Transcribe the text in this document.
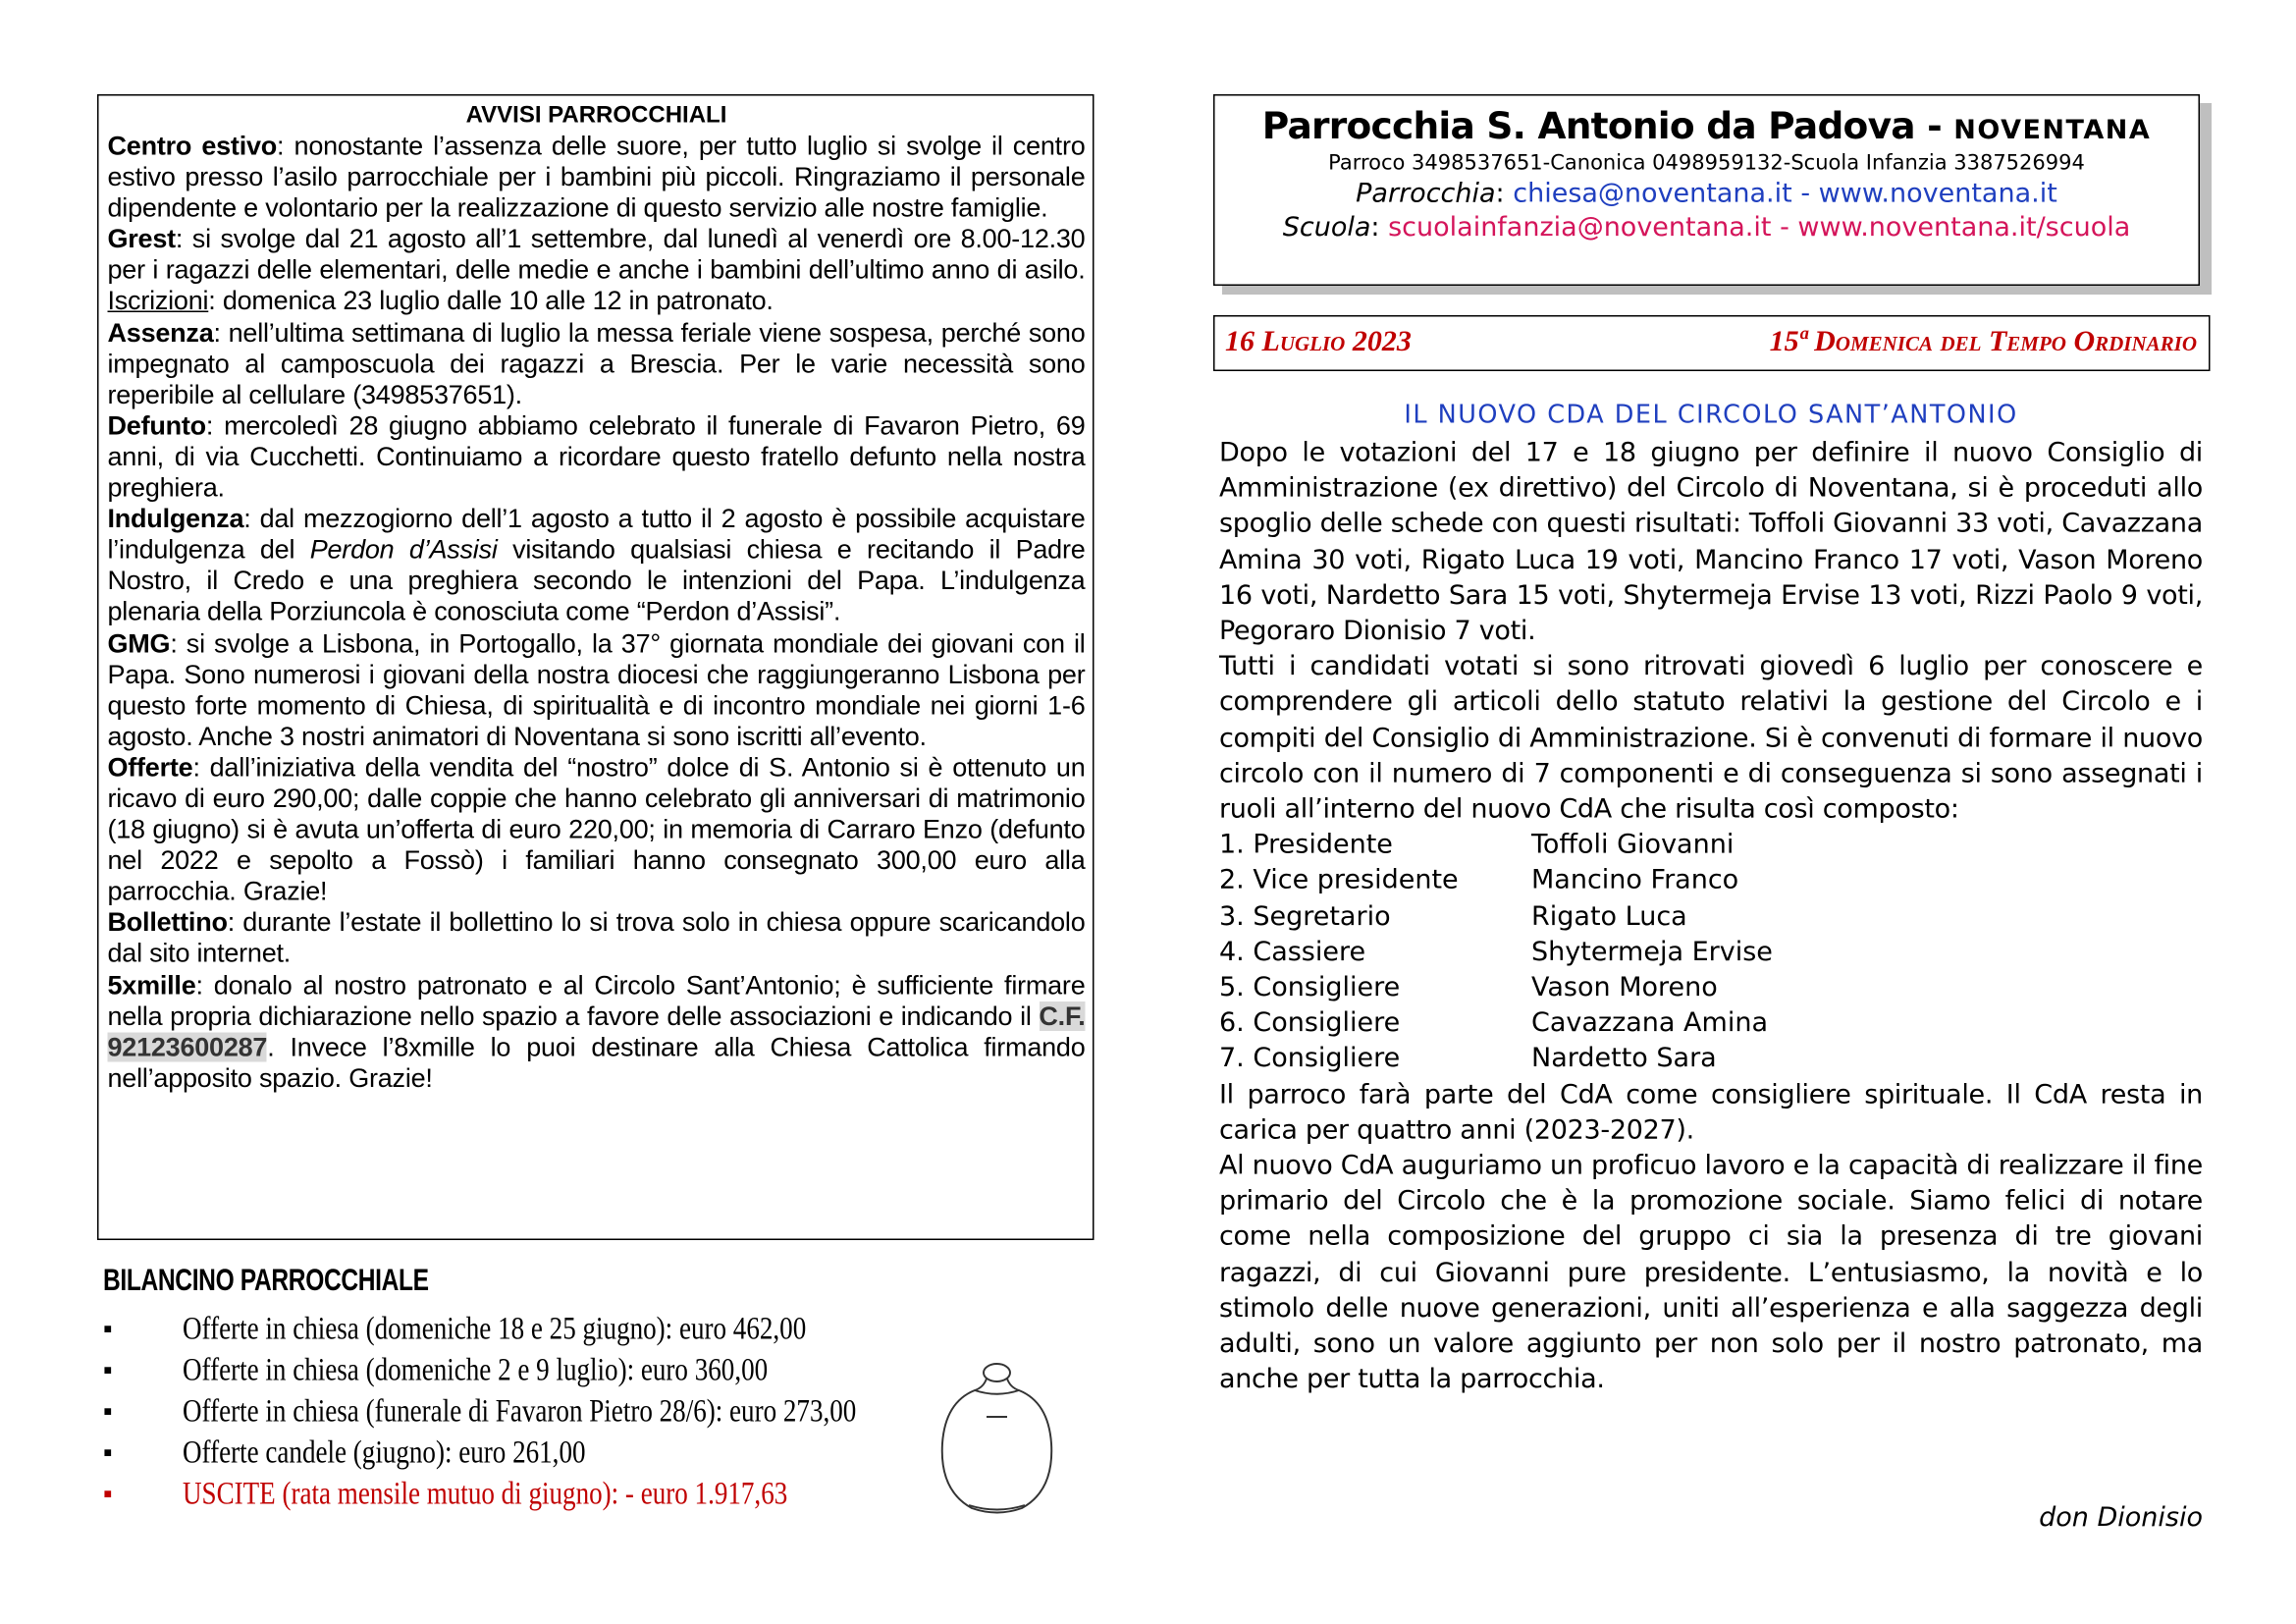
AVVISI PARROCCHIALI

Centro estivo: nonostante l’assenza delle suore, per tutto luglio si svolge il centro estivo presso l’asilo parrocchiale per i bambini più piccoli. Ringraziamo il personale dipendente e volontario per la realizzazione di questo servizio alle nostre famiglie.

Grest: si svolge dal 21 agosto all’1 settembre, dal lunedì al venerdì ore 8.00-12.30 per i ragazzi delle elementari, delle medie e anche i bambini dell’ultimo anno di asilo. Iscrizioni: domenica 23 luglio dalle 10 alle 12 in patronato.

Assenza: nell’ultima settimana di luglio la messa feriale viene sospesa, perché sono impegnato al camposcuola dei ragazzi a Brescia. Per le varie necessità sono reperibile al cellulare (3498537651).

Defunto: mercoledì 28 giugno abbiamo celebrato il funerale di Favaron Pietro, 69 anni, di via Cucchetti. Continuiamo a ricordare questo fratello defunto nella nostra preghiera.

Indulgenza: dal mezzogiorno dell’1 agosto a tutto il 2 agosto è possibile acquistare l’indulgenza del Perdon d’Assisi visitando qualsiasi chiesa e recitando il Padre Nostro, il Credo e una preghiera secondo le intenzioni del Papa. L’indulgenza plenaria della Porziuncola è conosciuta come “Perdon d’Assisi”.

GMG: si svolge a Lisbona, in Portogallo, la 37° giornata mondiale dei giovani con il Papa. Sono numerosi i giovani della nostra diocesi che raggiungeranno Lisbona per questo forte momento di Chiesa, di spiritualità e di incontro mondiale nei giorni 1-6 agosto. Anche 3 nostri animatori di Noventana si sono iscritti all’evento.

Offerte: dall’iniziativa della vendita del “nostro” dolce di S. Antonio si è ottenuto un ricavo di euro 290,00; dalle coppie che hanno celebrato gli anniversari di matrimonio (18 giugno) si è avuta un’offerta di euro 220,00; in memoria di Carraro Enzo (defunto nel 2022 e sepolto a Fossò) i familiari hanno consegnato 300,00 euro alla parrocchia. Grazie!

Bollettino: durante l’estate il bollettino lo si trova solo in chiesa oppure scaricandolo dal sito internet.

5xmille: donalo al nostro patronato e al Circolo Sant’Antonio; è sufficiente firmare nella propria dichiarazione nello spazio a favore delle associazioni e indicando il C.F. 92123600287. Invece l’8xmille lo puoi destinare alla Chiesa Cattolica firmando nell’apposito spazio. Grazie!

BILANCINO PARROCCHIALE
▪	Offerte in chiesa (domeniche 18 e 25 giugno): euro 462,00
▪	Offerte in chiesa (domeniche 2 e 9 luglio): euro 360,00
▪	Offerte in chiesa (funerale di Favaron Pietro 28/6): euro 273,00
▪	Offerte candele (giugno): euro 261,00
▪	USCITE (rata mensile mutuo di giugno): - euro 1.917,63
Parrocchia S. Antonio da Padova - NOVENTANA
Parroco 3498537651-Canonica 0498959132-Scuola Infanzia 3387526994
Parrocchia: chiesa@noventana.it - www.noventana.it
Scuola: scuolainfanzia@noventana.it - www.noventana.it/scuola
16 Luglio 2023	15ª Domenica del Tempo Ordinario
IL NUOVO CDA DEL CIRCOLO SANT’ANTONIO

Dopo le votazioni del 17 e 18 giugno per definire il nuovo Consiglio di Amministrazione (ex direttivo) del Circolo di Noventana, si è proceduti allo spoglio delle schede con questi risultati: Toffoli Giovanni 33 voti, Cavazzana Amina 30 voti, Rigato Luca 19 voti, Mancino Franco 17 voti, Vason Moreno 16 voti, Nardetto Sara 15 voti, Shytermeja Ervise 13 voti, Rizzi Paolo 9 voti, Pegoraro Dionisio 7 voti.

Tutti i candidati votati si sono ritrovati giovedì 6 luglio per conoscere e comprendere gli articoli dello statuto relativi la gestione del Circolo e i compiti del Consiglio di Amministrazione. Si è convenuti di formare il nuovo circolo con il numero di 7 componenti e di conseguenza si sono assegnati i ruoli all’interno del nuovo CdA che risulta così composto:

1. Presidente	Toffoli Giovanni
2. Vice presidente	Mancino Franco
3. Segretario	Rigato Luca
4. Cassiere	Shytermeja Ervise
5. Consigliere	Vason Moreno
6. Consigliere	Cavazzana Amina
7. Consigliere	Nardetto Sara

Il parroco farà parte del CdA come consigliere spirituale. Il CdA resta in carica per quattro anni (2023-2027).

Al nuovo CdA auguriamo un proficuo lavoro e la capacità di realizzare il fine primario del Circolo che è la promozione sociale. Siamo felici di notare come nella composizione del gruppo ci sia la presenza di tre giovani ragazzi, di cui Giovanni pure presidente. L’entusiasmo, la novità e lo stimolo delle nuove generazioni, uniti all’esperienza e alla saggezza degli adulti, sono un valore aggiunto per non solo per il nostro patronato, ma anche per tutta la parrocchia.

don Dionisio
